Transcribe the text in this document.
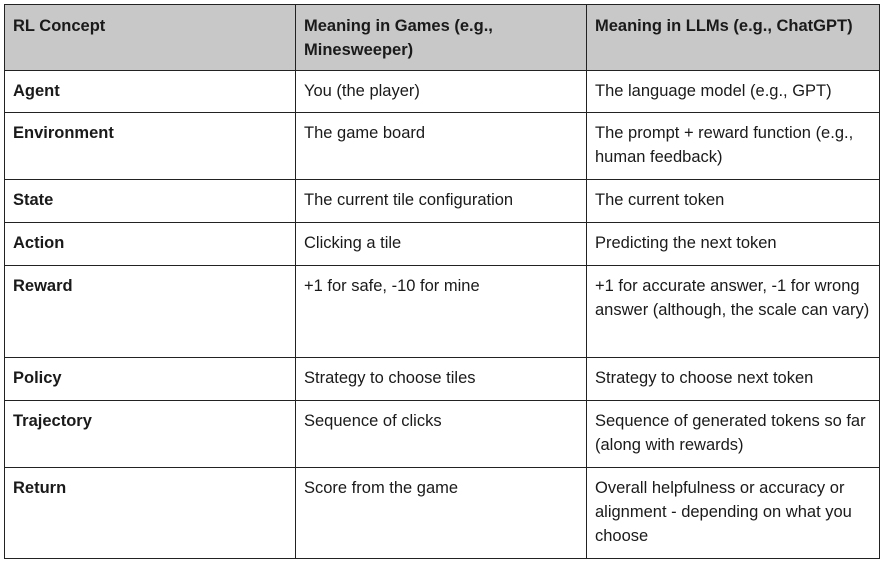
RL Concept	Meaning in Games (e.g., Minesweeper)	Meaning in LLMs (e.g., ChatGPT)
Agent	You (the player)	The language model (e.g., GPT)
Environment	The game board	The prompt + reward function (e.g., human feedback)
State	The current tile configuration	The current token
Action	Clicking a tile	Predicting the next token
Reward	+1 for safe, -10 for mine	+1 for accurate answer, -1 for wrong answer (although, the scale can vary)
Policy	Strategy to choose tiles	Strategy to choose next token
Trajectory	Sequence of clicks	Sequence of generated tokens so far (along with rewards)
Return	Score from the game	Overall helpfulness or accuracy or alignment - depending on what you choose
